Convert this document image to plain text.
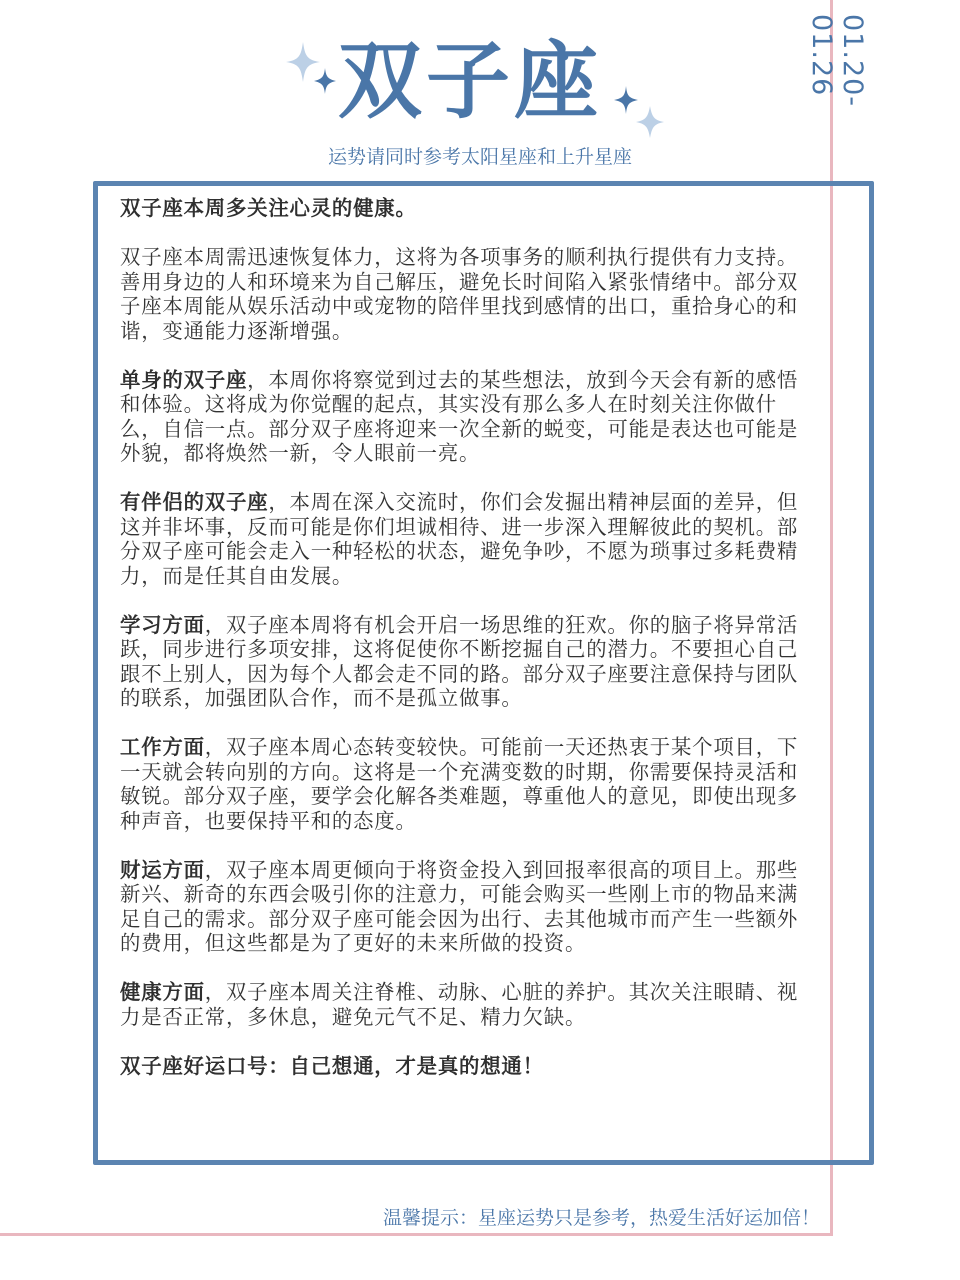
01.20-01.26
双子座
运势请同时参考太阳星座和上升星座

双子座本周多关注心灵的健康。

双子座本周需迅速恢复体力，这将为各项事务的顺利执行提供有力支持。善用身边的人和环境来为自己解压，避免长时间陷入紧张情绪中。部分双子座本周能从娱乐活动中或宠物的陪伴里找到感情的出口，重拾身心的和谐，变通能力逐渐增强。

单身的双子座，本周你将察觉到过去的某些想法，放到今天会有新的感悟和体验。这将成为你觉醒的起点，其实没有那么多人在时刻关注你做什么，自信一点。部分双子座将迎来一次全新的蜕变，可能是表达也可能是外貌，都将焕然一新，令人眼前一亮。

有伴侣的双子座，本周在深入交流时，你们会发掘出精神层面的差异，但这并非坏事，反而可能是你们坦诚相待、进一步深入理解彼此的契机。部分双子座可能会走入一种轻松的状态，避免争吵，不愿为琐事过多耗费精力，而是任其自由发展。

学习方面，双子座本周将有机会开启一场思维的狂欢。你的脑子将异常活跃，同步进行多项安排，这将促使你不断挖掘自己的潜力。不要担心自己跟不上别人，因为每个人都会走不同的路。部分双子座要注意保持与团队的联系，加强团队合作，而不是孤立做事。

工作方面，双子座本周心态转变较快。可能前一天还热衷于某个项目，下一天就会转向别的方向。这将是一个充满变数的时期，你需要保持灵活和敏锐。部分双子座，要学会化解各类难题，尊重他人的意见，即使出现多种声音，也要保持平和的态度。

财运方面，双子座本周更倾向于将资金投入到回报率很高的项目上。那些新兴、新奇的东西会吸引你的注意力，可能会购买一些刚上市的物品来满足自己的需求。部分双子座可能会因为出行、去其他城市而产生一些额外的费用，但这些都是为了更好的未来所做的投资。

健康方面，双子座本周关注脊椎、动脉、心脏的养护。其次关注眼睛、视力是否正常，多休息，避免元气不足、精力欠缺。

双子座好运口号：自己想通，才是真的想通！

温馨提示：星座运势只是参考，热爱生活好运加倍！
